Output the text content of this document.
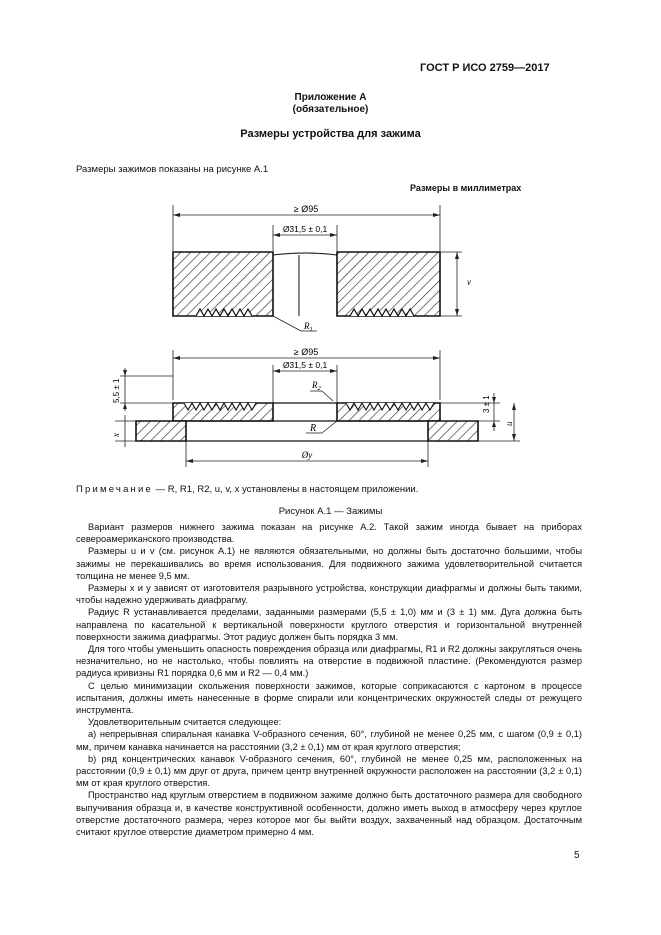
ГОСТ Р ИСО 2759—2017
Приложение А
(обязательное)
Размеры устройства для зажима
Размеры зажимов показаны на рисунке А.1
Размеры в миллиметрах
≥ Ø95
Ø31,5 ± 0,1
v
$R_1$
≥ Ø95
Ø31,5 ± 0,1
$R_2$
R
5,5 ± 1
x
3 ± 1
u
Øy
Примечание — R, R1, R2, u, v, x установлены в настоящем приложении.
Рисунок А.1 — Зажимы

Вариант размеров нижнего зажима показан на рисунке А.2. Такой зажим иногда бывает на приборах североамериканского производства.

Размеры u и v (см. рисунок А.1) не являются обязательными, но должны быть достаточно большими, чтобы зажимы не перекашивались во время использования. Для подвижного зажима удовлетворительной считается толщина не менее 9,5 мм.

Размеры x и y зависят от изготовителя разрывного устройства, конструкции диафрагмы и должны быть такими, чтобы надежно удерживать диафрагму.

Радиус R устанавливается пределами, заданными размерами (5,5 ± 1,0) мм и (3 ± 1) мм. Дуга должна быть направлена по касательной к вертикальной поверхности круглого отверстия и горизонтальной внутренней поверхности зажима диафрагмы. Этот радиус должен быть порядка 3 мм.

Для того чтобы уменьшить опасность повреждения образца или диафрагмы, R1 и R2 должны закругляться очень незначительно, но не настолько, чтобы повлиять на отверстие в подвижной пластине. (Рекомендуются размер радиуса кривизны R1 порядка 0,6 мм и R2 — 0,4 мм.)

С целью минимизации скольжения поверхности зажимов, которые соприкасаются с картоном в процессе испытания, должны иметь нанесенные в форме спирали или концентрических окружностей следы от режущего инструмента.

Удовлетворительным считается следующее:

a) непрерывная спиральная канавка V-образного сечения, 60°, глубиной не менее 0,25 мм, с шагом (0,9 ± 0,1) мм, причем канавка начинается на расстоянии (3,2 ± 0,1) мм от края круглого отверстия;

b) ряд концентрических канавок V-образного сечения, 60°, глубиной не менее 0,25 мм, расположенных на расстоянии (0,9 ± 0,1) мм друг от друга, причем центр внутренней окружности расположен на расстоянии (3,2 ± 0,1) мм от края круглого отверстия.

Пространство над круглым отверстием в подвижном зажиме должно быть достаточного размера для свободного выпучивания образца и, в качестве конструктивной особенности, должно иметь выход в атмосферу через круглое отверстие достаточного размера, через которое мог бы выйти воздух, захваченный над образцом. Достаточным считают круглое отверстие диаметром примерно 4 мм.

5
